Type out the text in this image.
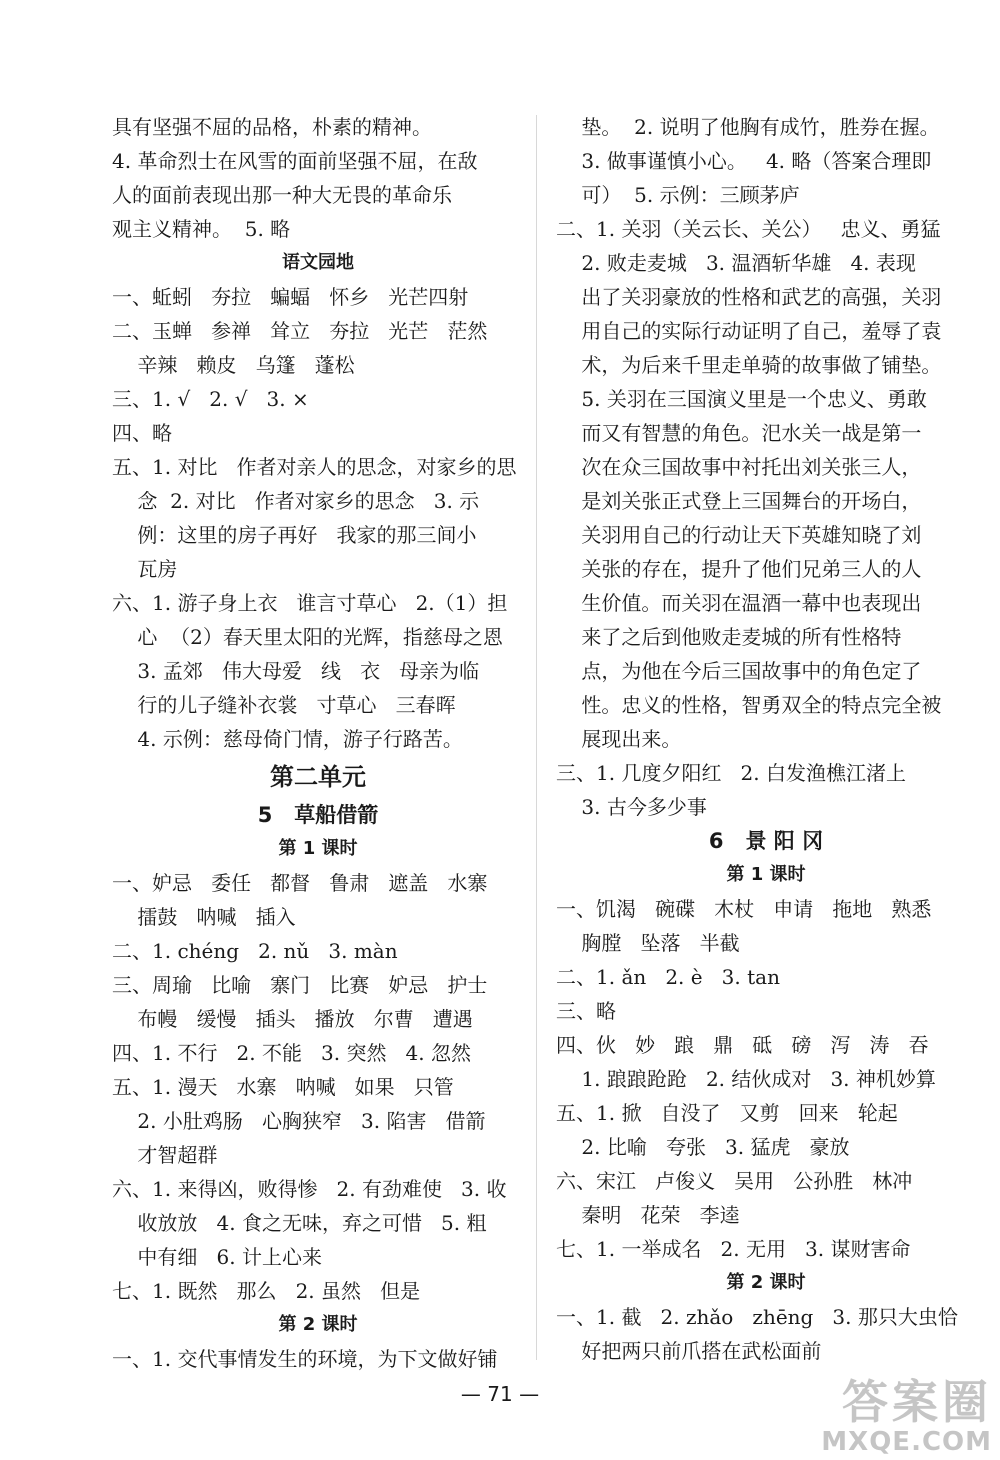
具有坚强不屈的品格，朴素的精神。
4. 革命烈士在风雪的面前坚强不屈，在敌
人的面前表现出那一种大无畏的革命乐
观主义精神。  5. 略
语文园地
一、蚯蚓   夯拉   蝙蝠   怀乡   光芒四射
二、玉蝉   参禅   耸立   夯拉   光芒   茫然
辛辣   赖皮   乌篷   蓬松
三、1. √   2. √   3. ×
四、略
五、1. 对比   作者对亲人的思念，对家乡的思
念  2. 对比   作者对家乡的思念   3. 示
例：这里的房子再好   我家的那三间小
瓦房
六、1. 游子身上衣   谁言寸草心   2.（1）担
心  （2）春天里太阳的光辉，指慈母之恩
3. 孟郊   伟大母爱   线   衣   母亲为临
行的儿子缝补衣裳   寸草心   三春晖
4. 示例：慈母倚门情，游子行路苦。
第二单元
5   草船借箭
第 1 课时
一、妒忌   委任   都督   鲁肃   遮盖   水寨
擂鼓   呐喊   插入
二、1. chéng   2. nǔ   3. màn
三、周瑜   比喻   寨门   比赛   妒忌   护士
布幔   缓慢   插头   播放   尔曹   遭遇
四、1. 不行   2. 不能   3. 突然   4. 忽然
五、1. 漫天   水寨   呐喊   如果   只管
2. 小肚鸡肠   心胸狭窄   3. 陷害   借箭
才智超群
六、1. 来得凶，败得惨   2. 有劲难使   3. 收
收放放   4. 食之无味，弃之可惜   5. 粗
中有细   6. 计上心来
七、1. 既然   那么   2. 虽然   但是
第 2 课时
一、1. 交代事情发生的环境，为下文做好铺
垫。  2. 说明了他胸有成竹，胜券在握。
3. 做事谨慎小心。   4. 略（答案合理即
可）  5. 示例：三顾茅庐
二、1. 关羽（关云长、关公）   忠义、勇猛
2. 败走麦城   3. 温酒斩华雄   4. 表现
出了关羽豪放的性格和武艺的高强，关羽
用自己的实际行动证明了自己，羞辱了袁
术，为后来千里走单骑的故事做了铺垫。
5. 关羽在三国演义里是一个忠义、勇敢
而又有智慧的角色。汜水关一战是第一
次在众三国故事中衬托出刘关张三人，
是刘关张正式登上三国舞台的开场白，
关羽用自己的行动让天下英雄知晓了刘
关张的存在，提升了他们兄弟三人的人
生价值。而关羽在温酒一幕中也表现出
来了之后到他败走麦城的所有性格特
点，为他在今后三国故事中的角色定了
性。忠义的性格，智勇双全的特点完全被
展现出来。
三、1. 几度夕阳红   2. 白发渔樵江渚上
3. 古今多少事
6   景 阳 冈
第 1 课时
一、饥渴   碗碟   木杖   申请   拖地   熟悉
胸膛   坠落   半截
二、1. ǎn   2. è   3. tan
三、略
四、伙   妙   踉   鼎   砥   磅   泻   涛   吞
1. 踉踉跄跄   2. 结伙成对   3. 神机妙算
五、1. 掀   自没了   又剪   回来   轮起
2. 比喻   夸张   3. 猛虎   豪放
六、宋江   卢俊义   吴用   公孙胜   林冲
秦明   花荣   李逵
七、1. 一举成名   2. 无用   3. 谋财害命
第 2 课时
一、1. 截   2. zhǎo   zhēng   3. 那只大虫恰
好把两只前爪搭在武松面前
— 71 —	答案圈
MXQE.COM
